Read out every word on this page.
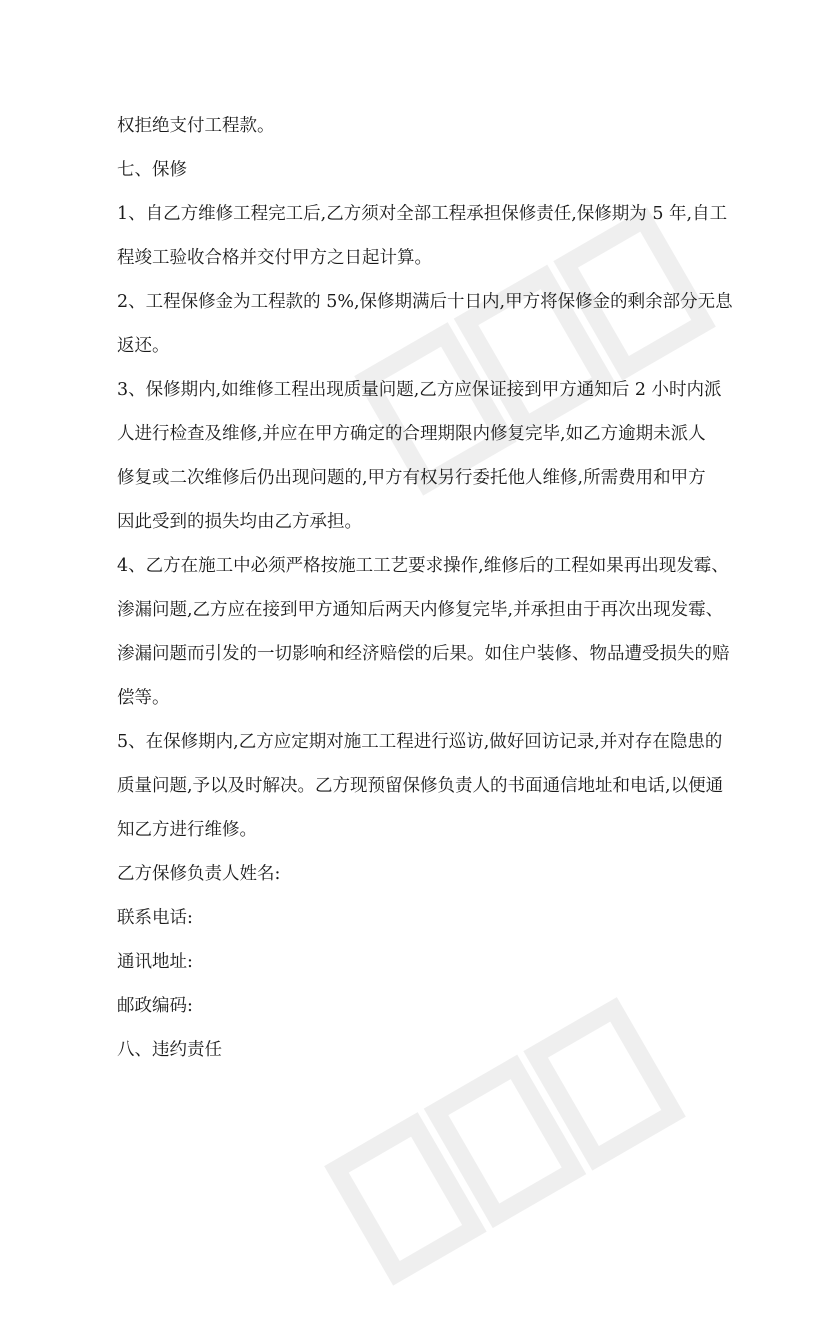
权拒绝支付工程款。

七、保修

1、自乙方维修工程完工后,乙方须对全部工程承担保修责任,保修期为 5 年,自工
程竣工验收合格并交付甲方之日起计算。

2、工程保修金为工程款的 5%,保修期满后十日内,甲方将保修金的剩余部分无息
返还。

3、保修期内,如维修工程出现质量问题,乙方应保证接到甲方通知后 2 小时内派
人进行检查及维修,并应在甲方确定的合理期限内修复完毕,如乙方逾期未派人
修复或二次维修后仍出现问题的,甲方有权另行委托他人维修,所需费用和甲方
因此受到的损失均由乙方承担。

4、乙方在施工中必须严格按施工工艺要求操作,维修后的工程如果再出现发霉、
渗漏问题,乙方应在接到甲方通知后两天内修复完毕,并承担由于再次出现发霉、
渗漏问题而引发的一切影响和经济赔偿的后果。如住户装修、物品遭受损失的赔
偿等。

5、在保修期内,乙方应定期对施工工程进行巡访,做好回访记录,并对存在隐患的
质量问题,予以及时解决。乙方现预留保修负责人的书面通信地址和电话,以便通
知乙方进行维修。

乙方保修负责人姓名:

联系电话:

通讯地址:

邮政编码:

八、违约责任
